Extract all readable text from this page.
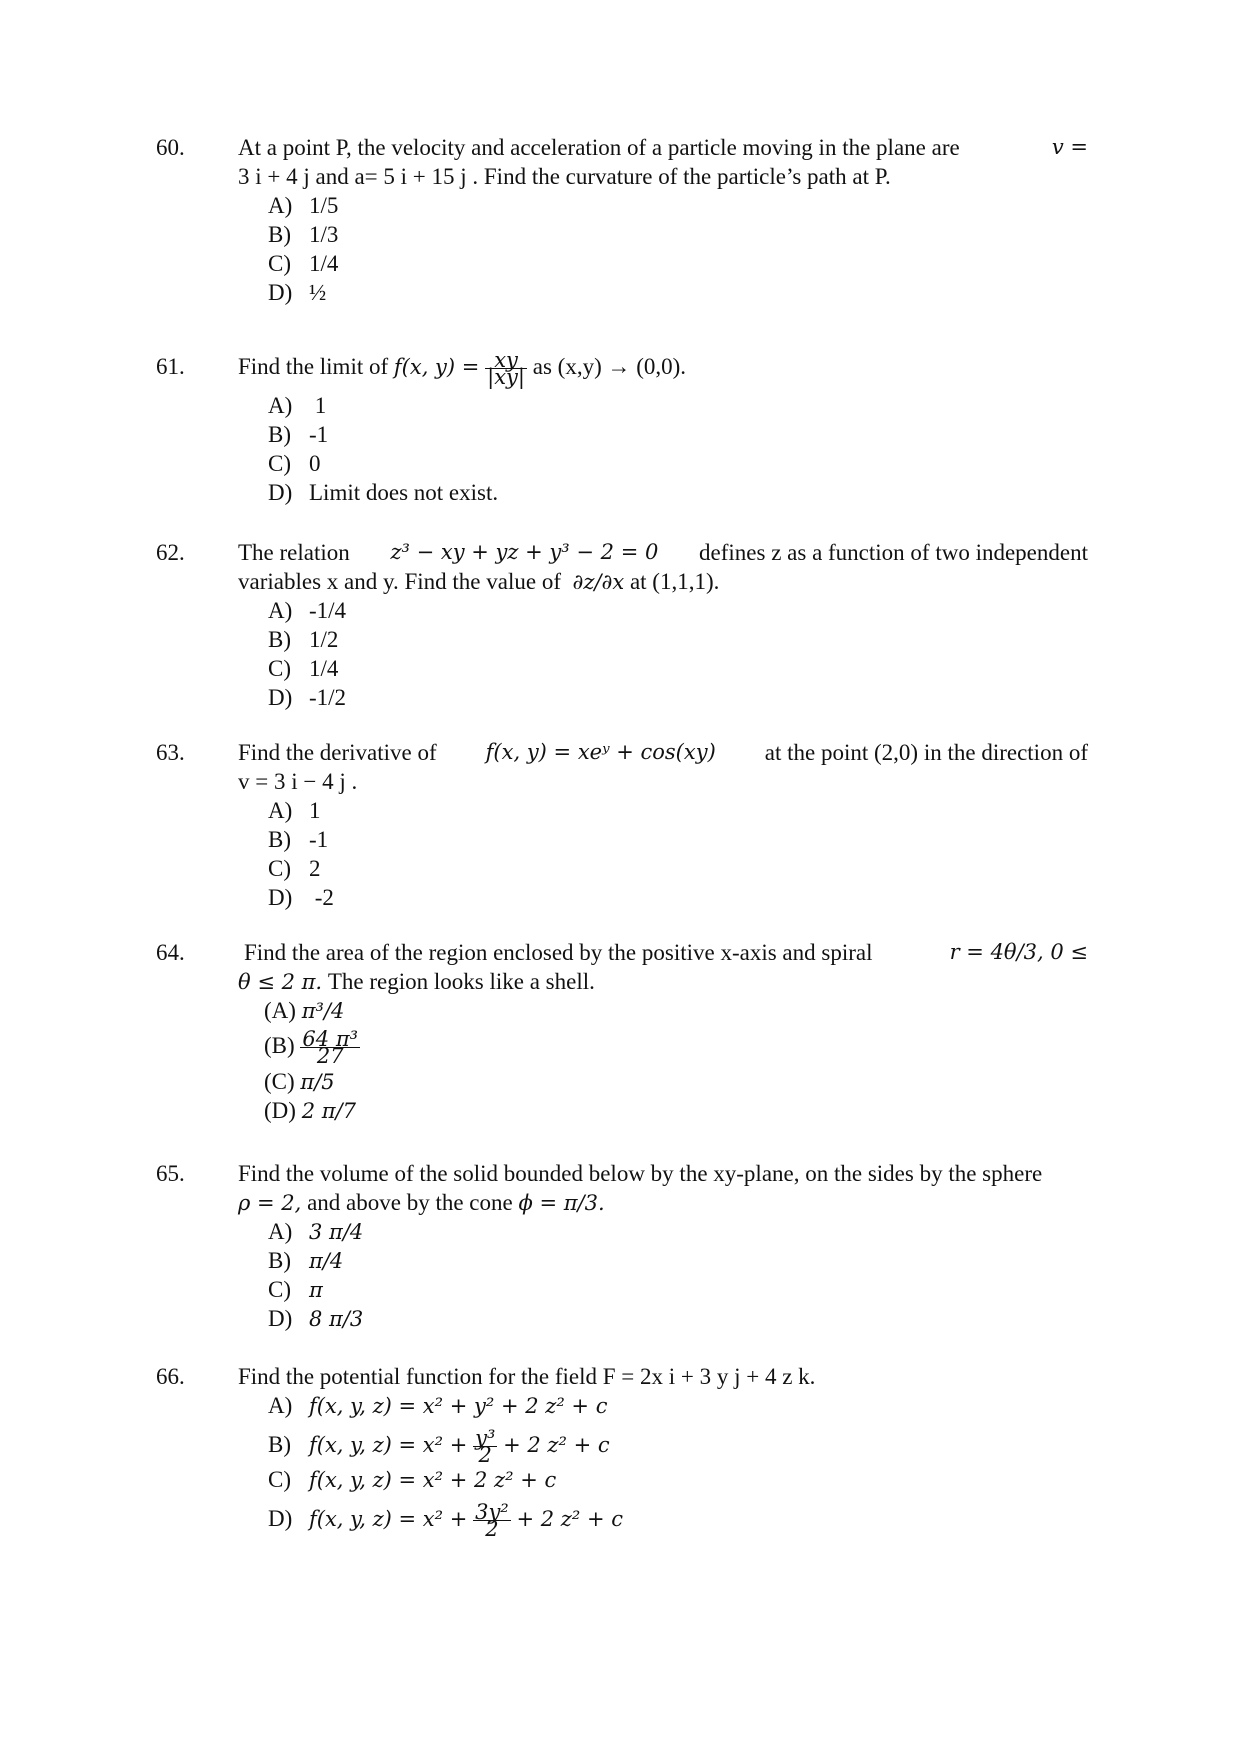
60. At a point P, the velocity and acceleration of a particle moving in the plane are	v =
3 i + 4 j and a= 5 i + 15 j . Find the curvature of the particle’s path at P.
A) 1/5
B) 1/3
C) 1/4
D) ½
61. Find the limit of f(x, $y) = \frac{xy}{|xy|}$ as (x,y) → (0,0).
A) 1
B) -1
C) 0
D) Limit does not exist.
62. The relation z³ − xy + yz + y³ − 2 = 0 defines z as a function of two independent
variables x and y. Find the value of ∂z/∂x at (1,1,1).
A) -1/4
B) 1/2
C) 1/4
D) -1/2
63. Find the derivative of f(x, y) = xeʸ + cos(xy) at the point (2,0) in the direction of
v = 3 i − 4 j .
A) 1
B) -1
C) 2
D) -2
64.	Find the area of the region enclosed by the positive x-axis and spiral	r = 4θ/3, 0 ≤
θ ≤ 2 π. The region looks like a shell.
(A) π³/4
$(B) \frac{\text{64 π³}}{27}$
(C) π/5
(D) 2 π/7
65. Find the volume of the solid bounded below by the xy-plane, on the sides by the sphere
ρ = 2, and above by the cone ϕ = π/3.
A) 3 π/4
B) π/4
C) π
D) 8 π/3
66. Find the potential function for the field F = 2x i + 3 y j + 4 z k.
A) f(x, y, z) = x² + y² + 2 z² + c
B) f(x, y, $z) = x^2 + \frac{\text{y³}}{2} + 2$ z² + c
C) f(x, y, z) = x² + 2 z² + c
D) f(x, y, $z) = x^2 + \frac{\text{3y²}}{2} + 2$ z² + c
